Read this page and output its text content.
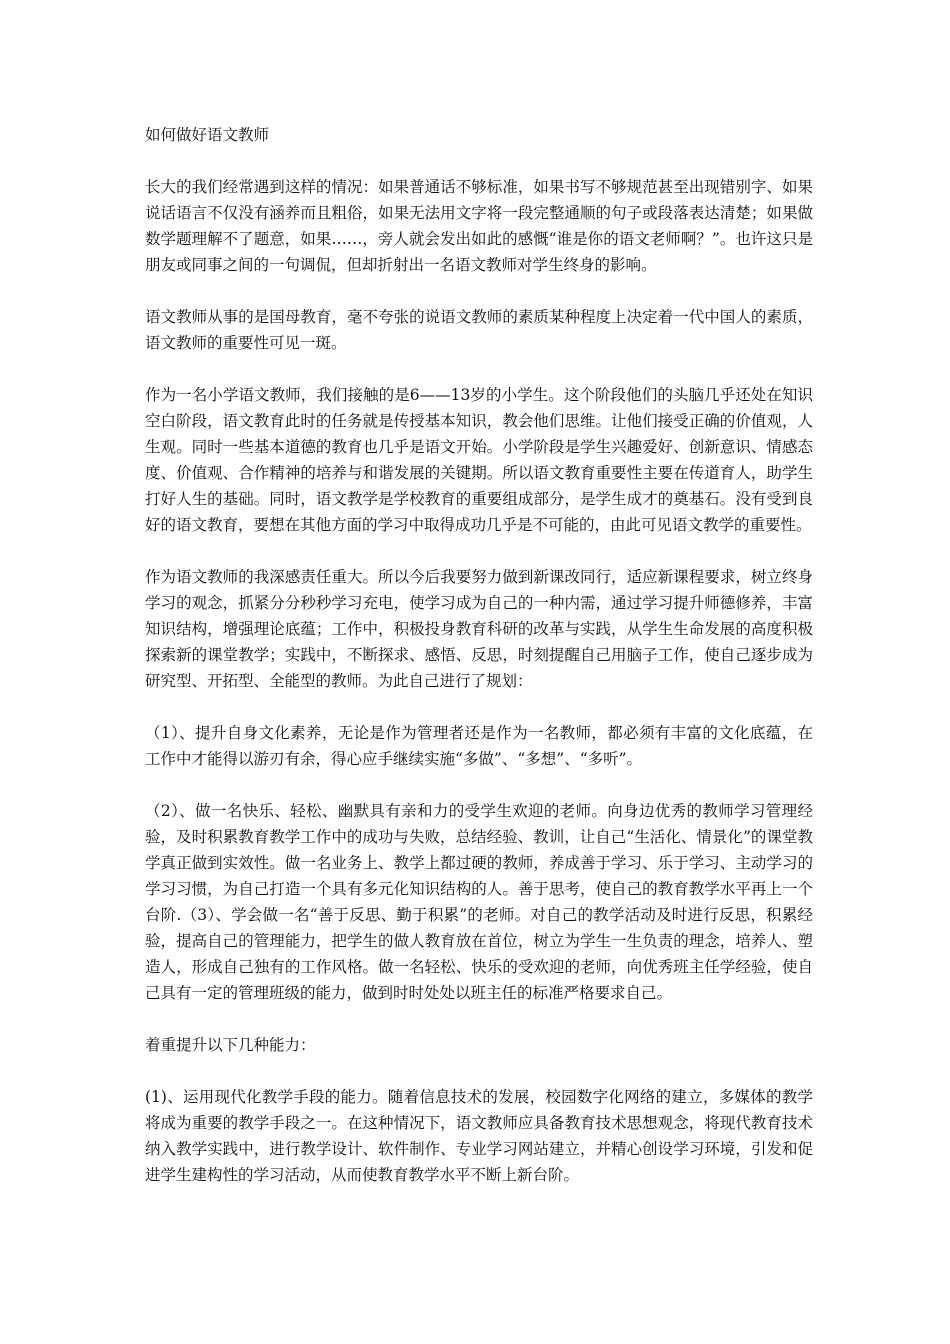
如何做好语文教师

长大的我们经常遇到这样的情况：如果普通话不够标准，如果书写不够规范甚至出现错别字、如果说话语言不仅没有涵养而且粗俗，如果无法用文字将一段完整通顺的句子或段落表达清楚；如果做数学题理解不了题意，如果……，旁人就会发出如此的感慨“谁是你的语文老师啊？”。也许这只是朋友或同事之间的一句调侃，但却折射出一名语文教师对学生终身的影响。

语文教师从事的是国母教育，毫不夸张的说语文教师的素质某种程度上决定着一代中国人的素质，语文教师的重要性可见一斑。

作为一名小学语文教师，我们接触的是6——13岁的小学生。这个阶段他们的头脑几乎还处在知识空白阶段，语文教育此时的任务就是传授基本知识，教会他们思维。让他们接受正确的价值观，人生观。同时一些基本道德的教育也几乎是语文开始。小学阶段是学生兴趣爱好、创新意识、情感态度、价值观、合作精神的培养与和谐发展的关键期。所以语文教育重要性主要在传道育人，助学生打好人生的基础。同时，语文教学是学校教育的重要组成部分，是学生成才的奠基石。没有受到良好的语文教育，要想在其他方面的学习中取得成功几乎是不可能的，由此可见语文教学的重要性。

作为语文教师的我深感责任重大。所以今后我要努力做到新课改同行，适应新课程要求，树立终身学习的观念，抓紧分分秒秒学习充电，使学习成为自己的一种内需，通过学习提升师德修养，丰富知识结构，增强理论底蕴；工作中，积极投身教育科研的改革与实践，从学生生命发展的高度积极探索新的课堂教学；实践中，不断探求、感悟、反思，时刻提醒自己用脑子工作，使自己逐步成为研究型、开拓型、全能型的教师。为此自己进行了规划：

（1）、提升自身文化素养，无论是作为管理者还是作为一名教师，都必须有丰富的文化底蕴，在工作中才能得以游刃有余，得心应手继续实施“多做”、“多想”、“多听”。

（2）、做一名快乐、轻松、幽默具有亲和力的受学生欢迎的老师。向身边优秀的教师学习管理经验，及时积累教育教学工作中的成功与失败，总结经验、教训，让自己“生活化、情景化”的课堂教学真正做到实效性。做一名业务上、教学上都过硬的教师，养成善于学习、乐于学习、主动学习的学习习惯，为自己打造一个具有多元化知识结构的人。善于思考，使自己的教育教学水平再上一个台阶.（3）、学会做一名“善于反思、勤于积累”的老师。对自己的教学活动及时进行反思，积累经验，提高自己的管理能力，把学生的做人教育放在首位，树立为学生一生负责的理念，培养人、塑造人，形成自己独有的工作风格。做一名轻松、快乐的受欢迎的老师，向优秀班主任学经验，使自己具有一定的管理班级的能力，做到时时处处以班主任的标准严格要求自己。

着重提升以下几种能力：

(1)、运用现代化教学手段的能力。随着信息技术的发展，校园数字化网络的建立，多媒体的教学将成为重要的教学手段之一。在这种情况下，语文教师应具备教育技术思想观念，将现代教育技术纳入教学实践中，进行教学设计、软件制作、专业学习网站建立，并精心创设学习环境，引发和促进学生建构性的学习活动，从而使教育教学水平不断上新台阶。
